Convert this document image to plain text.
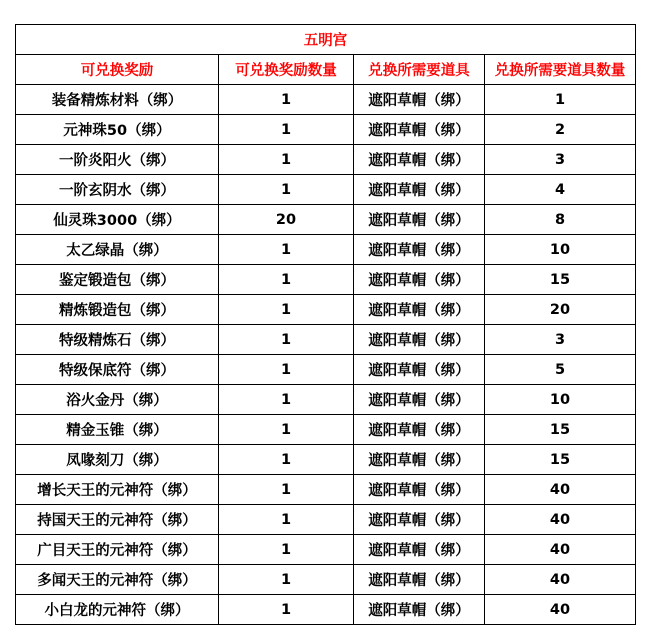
五明宫			
可兑换奖励	可兑换奖励数量	兑换所需要道具	兑换所需要道具数量
装备精炼材料（绑）	1	遮阳草帽（绑）	1
元神珠50（绑）	1	遮阳草帽（绑）	2
一阶炎阳火（绑）	1	遮阳草帽（绑）	3
一阶玄阴水（绑）	1	遮阳草帽（绑）	4
仙灵珠3000（绑）	20	遮阳草帽（绑）	8
太乙绿晶（绑）	1	遮阳草帽（绑）	10
鉴定锻造包（绑）	1	遮阳草帽（绑）	15
精炼锻造包（绑）	1	遮阳草帽（绑）	20
特级精炼石（绑）	1	遮阳草帽（绑）	3
特级保底符（绑）	1	遮阳草帽（绑）	5
浴火金丹（绑）	1	遮阳草帽（绑）	10
精金玉锥（绑）	1	遮阳草帽（绑）	15
凤喙刻刀（绑）	1	遮阳草帽（绑）	15
增长天王的元神符（绑）	1	遮阳草帽（绑）	40
持国天王的元神符（绑）	1	遮阳草帽（绑）	40
广目天王的元神符（绑）	1	遮阳草帽（绑）	40
多闻天王的元神符（绑）	1	遮阳草帽（绑）	40
小白龙的元神符（绑）	1	遮阳草帽（绑）	40
